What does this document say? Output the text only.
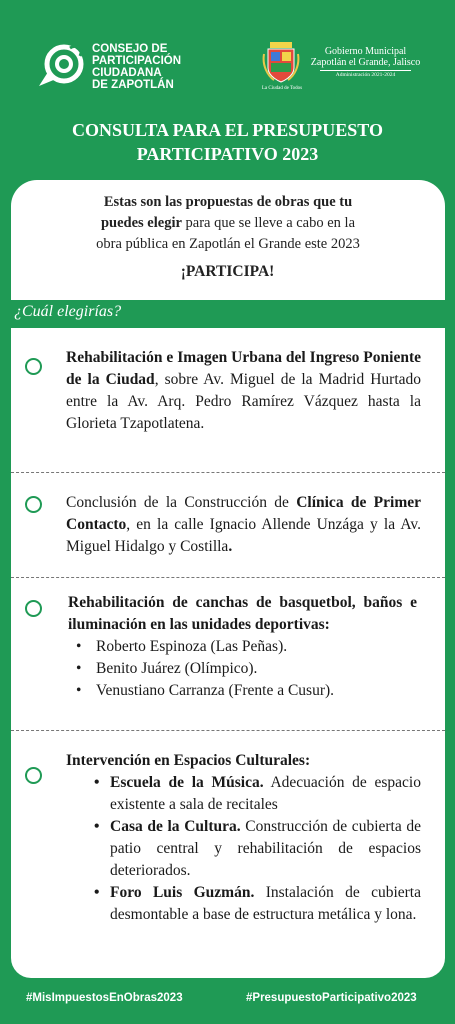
CONSEJO DE
PARTICIPACIÓN
CIUDADANA
DE ZAPOTLÁN	La Ciudad de Todos
Gobierno Municipal
Zapotlán el Grande, Jalisco
Administración 2021-2024
CONSULTA PARA EL PRESUPUESTO
PARTICIPATIVO 2023
Estas son las propuestas de obras que tu
puedes elegir para que se lleve a cabo en la
obra pública en Zapotlán el Grande este 2023
¡PARTICIPA!
¿Cuál elegirías?
Rehabilitación e Imagen Urbana del Ingreso Poniente de la Ciudad, sobre Av. Miguel de la Madrid Hurtado entre la Av. Arq. Pedro Ramírez Vázquez hasta la Glorieta Tzapotlatena.
Conclusión de la Construcción de Clínica de Primer Contacto, en la calle Ignacio Allende Unzága y la Av. Miguel Hidalgo y Costilla.
Rehabilitación de canchas de basquetbol, baños e iluminación en las unidades deportivas:
• Roberto Espinoza (Las Peñas).
• Benito Juárez (Olímpico).
• Venustiano Carranza (Frente a Cusur).
Intervención en Espacios Culturales:
• Escuela de la Música. Adecuación de espacio existente a sala de recitales
• Casa de la Cultura. Construcción de cubierta de patio central y rehabilitación de espacios deteriorados.
• Foro Luis Guzmán. Instalación de cubierta desmontable a base de estructura metálica y lona.
#MisImpuestosEnObras2023	#PresupuestoParticipativo2023
